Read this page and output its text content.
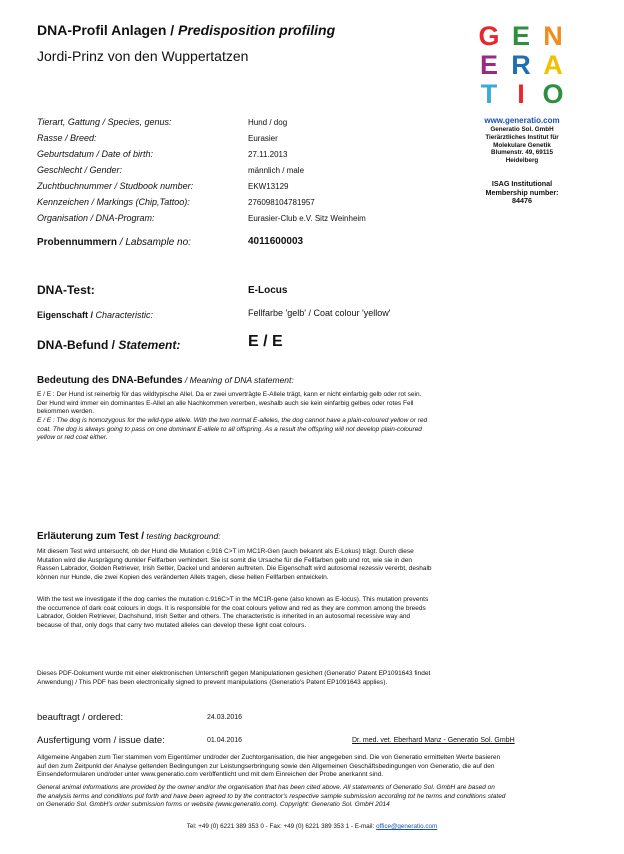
DNA-Profil Anlagen / Predisposition profiling
Jordi-Prinz von den Wuppertatzen
G E N
E R A
T I O
www.generatio.com
Generatio Sol. GmbH
Tierärztliches Institut für
Molekulare Genetik
Blumenstr. 49, 69115
Heidelberg
ISAG Institutional
Membership number:
84476
Tierart, Gattung / Species, genus:	Hund / dog
Rasse / Breed:	Eurasier
Geburtsdatum / Date of birth:	27.11.2013
Geschlecht / Gender:	männlich / male
Zuchtbuchnummer / Studbook number:	EKW13129
Kennzeichen / Markings (Chip,Tattoo):	276098104781957
Organisation / DNA-Program:	Eurasier-Club e.V. Sitz Weinheim
Probennummern / Labsample no:	4011600003
DNA-Test:	E-Locus
Eigenschaft / Characteristic:	Fellfarbe 'gelb' / Coat colour 'yellow'
DNA-Befund / Statement:	E / E
Bedeutung des DNA-Befundes / Meaning of DNA statement:
E / E : Der Hund ist reinerbig für das wildtypische Allel. Da er zwei unverträgte E-Allele trägt, kann er nicht einfarbig gelb oder rot sein.
Der Hund wird immer ein dominantes E-Allel an alle Nachkommen vererben, weshalb auch sie kein einfarbig gelbes oder rotes Fell
bekommen werden.
E / E : The dog is homozygous for the wild-type allele. With the two normal E-alleles, the dog cannot have a plain-coloured yellow or red
coat. The dog is always going to pass on one dominant E-allele to all offspring. As a result the offspring will not develop plain-coloured
yellow or red coat either.
Erläuterung zum Test / testing background:
Mit diesem Test wird untersucht, ob der Hund die Mutation c.916 C>T im MC1R-Gen (auch bekannt als E-Lokus) trägt. Durch diese
Mutation wird die Ausprägung dunkler Fellfarben verhindert. Sie ist somit die Ursache für die Fellfarben gelb und rot, wie sie in den
Rassen Labrador, Golden Retriever, Irish Setter, Dackel und anderen auftreten. Die Eigenschaft wird autosomal rezessiv vererbt, deshalb
können nur Hunde, die zwei Kopien des veränderten Allels tragen, diese hellen Fellfarben entwickeln.
With the test we investigate if the dog carries the mutation c.916C>T in the MC1R-gene (also known as E-locus). This mutation prevents
the occurrence of dark coat colours in dogs. It is responsible for the coat colours yellow and red as they are common among the breeds
Labrador, Golden Retriever, Dachshund, Irish Setter and others. The characteristic is inherited in an autosomal recessive way and
because of that, only dogs that carry two mutated alleles can develop these light coat colours.
Dieses PDF-Dokument wurde mit einer elektronischen Unterschrift gegen Manipulationen gesichert (Generatio' Patent EP1091643 findet
Anwendung) / This PDF has been electronically signed to prevent manipulations (Generatio's Patent EP1091643 applies).
beauftragt / ordered:	24.03.2016
Ausfertigung vom / issue date:	01.04.2016	Dr. med. vet. Eberhard Manz - Generatio Sol. GmbH
Allgemeine Angaben zum Tier stammen vom Eigentümer und/oder der Zuchtorganisation, die hier angegeben sind. Die von Generatio ermittelten Werte basieren
auf den zum Zeitpunkt der Analyse geltenden Bedingungen zur Leistungserbringung sowie den Allgemeinen Geschäftsbedingungen von Generatio, die auf den
Einsendeformularen und/oder unter www.generatio.com veröffentlicht und mit dem Einreichen der Probe anerkannt sind.
General animal informations are provided by the owner and/or the organisation that has been cited above. All statements of Generatio Sol. GmbH are based on
the analysis terms and conditions put forth and have been agreed to by the contractor's respective sample submission according tot he terms and conditions stated
on Generatio Sol. GmbH's order submission forms or website (www.generatio.com). Copyright: Generatio Sol. GmbH 2014
Tel: +49 (0) 6221 389 353 0 - Fax: +49 (0) 6221 389 353 1 - E-mail: office@generatio.com
